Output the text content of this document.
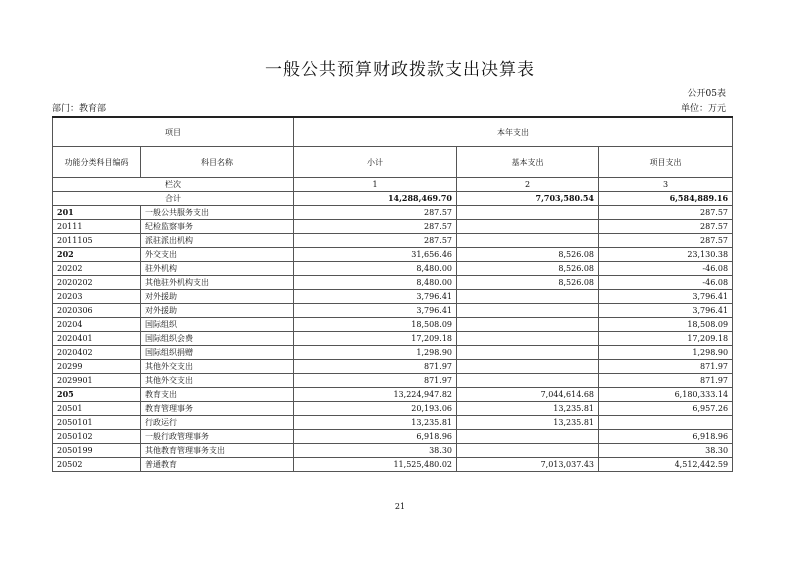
一般公共预算财政拨款支出决算表
公开05表
部门：教育部	单位：万元
项目		本年支出		
功能分类科目编码	科目名称	小计	基本支出	项目支出
栏次		1	2	3
合计		14,288,469.70	7,703,580.54	6,584,889.16
201	一般公共服务支出	287.57		287.57
20111	纪检监察事务	287.57		287.57
2011105	派驻派出机构	287.57		287.57
202	外交支出	31,656.46	8,526.08	23,130.38
20202	驻外机构	8,480.00	8,526.08	-46.08
2020202	其他驻外机构支出	8,480.00	8,526.08	-46.08
20203	对外援助	3,796.41		3,796.41
2020306	对外援助	3,796.41		3,796.41
20204	国际组织	18,508.09		18,508.09
2020401	国际组织会费	17,209.18		17,209.18
2020402	国际组织捐赠	1,298.90		1,298.90
20299	其他外交支出	871.97		871.97
2029901	其他外交支出	871.97		871.97
205	教育支出	13,224,947.82	7,044,614.68	6,180,333.14
20501	教育管理事务	20,193.06	13,235.81	6,957.26
2050101	行政运行	13,235.81	13,235.81	
2050102	一般行政管理事务	6,918.96		6,918.96
2050199	其他教育管理事务支出	38.30		38.30
20502	普通教育	11,525,480.02	7,013,037.43	4,512,442.59
21
